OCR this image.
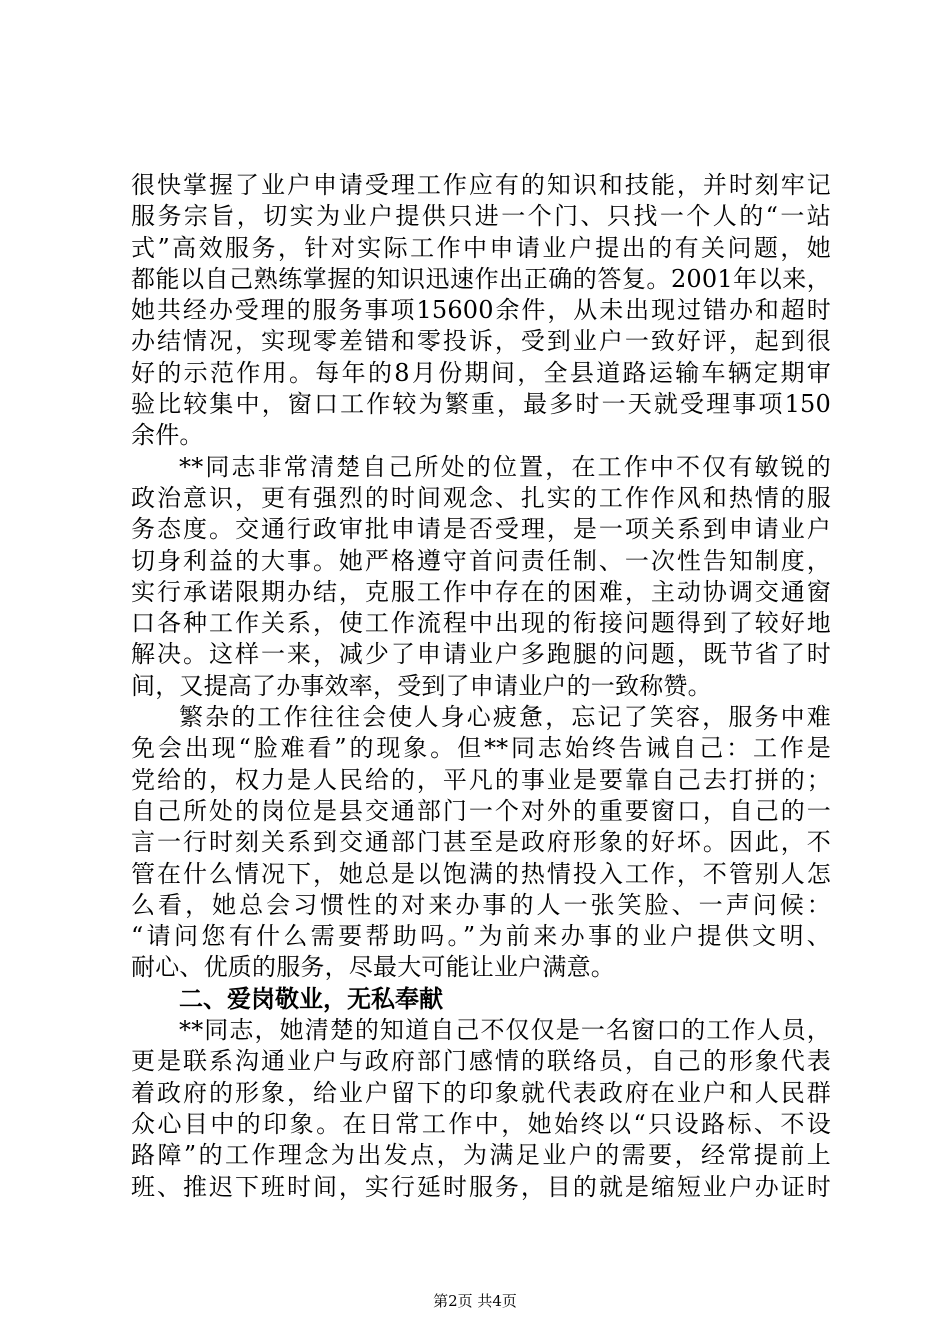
很快掌握了业户申请受理工作应有的知识和技能，并时刻牢记
服务宗旨，切实为业户提供只进一个门、只找一个人的“一站
式”高效服务，针对实际工作中申请业户提出的有关问题，她
都能以自己熟练掌握的知识迅速作出正确的答复。2001年以来，
她共经办受理的服务事项15600余件，从未出现过错办和超时
办结情况，实现零差错和零投诉，受到业户一致好评，起到很
好的示范作用。每年的8月份期间，全县道路运输车辆定期审
验比较集中，窗口工作较为繁重，最多时一天就受理事项150
余件。
**同志非常清楚自己所处的位置，在工作中不仅有敏锐的
政治意识，更有强烈的时间观念、扎实的工作作风和热情的服
务态度。交通行政审批申请是否受理，是一项关系到申请业户
切身利益的大事。她严格遵守首问责任制、一次性告知制度，
实行承诺限期办结，克服工作中存在的困难，主动协调交通窗
口各种工作关系，使工作流程中出现的衔接问题得到了较好地
解决。这样一来，减少了申请业户多跑腿的问题，既节省了时
间，又提高了办事效率，受到了申请业户的一致称赞。
繁杂的工作往往会使人身心疲惫，忘记了笑容，服务中难
免会出现“脸难看”的现象。但**同志始终告诫自己：工作是
党给的，权力是人民给的，平凡的事业是要靠自己去打拼的；
自己所处的岗位是县交通部门一个对外的重要窗口，自己的一
言一行时刻关系到交通部门甚至是政府形象的好坏。因此，不
管在什么情况下，她总是以饱满的热情投入工作，不管别人怎
么看，她总会习惯性的对来办事的人一张笑脸、一声问候：
“请问您有什么需要帮助吗。”为前来办事的业户提供文明、
耐心、优质的服务，尽最大可能让业户满意。
二、爱岗敬业，无私奉献
**同志，她清楚的知道自己不仅仅是一名窗口的工作人员，
更是联系沟通业户与政府部门感情的联络员，自己的形象代表
着政府的形象，给业户留下的印象就代表政府在业户和人民群
众心目中的印象。在日常工作中，她始终以“只设路标、不设
路障”的工作理念为出发点，为满足业户的需要，经常提前上
班、推迟下班时间，实行延时服务，目的就是缩短业户办证时
第2页 共4页
